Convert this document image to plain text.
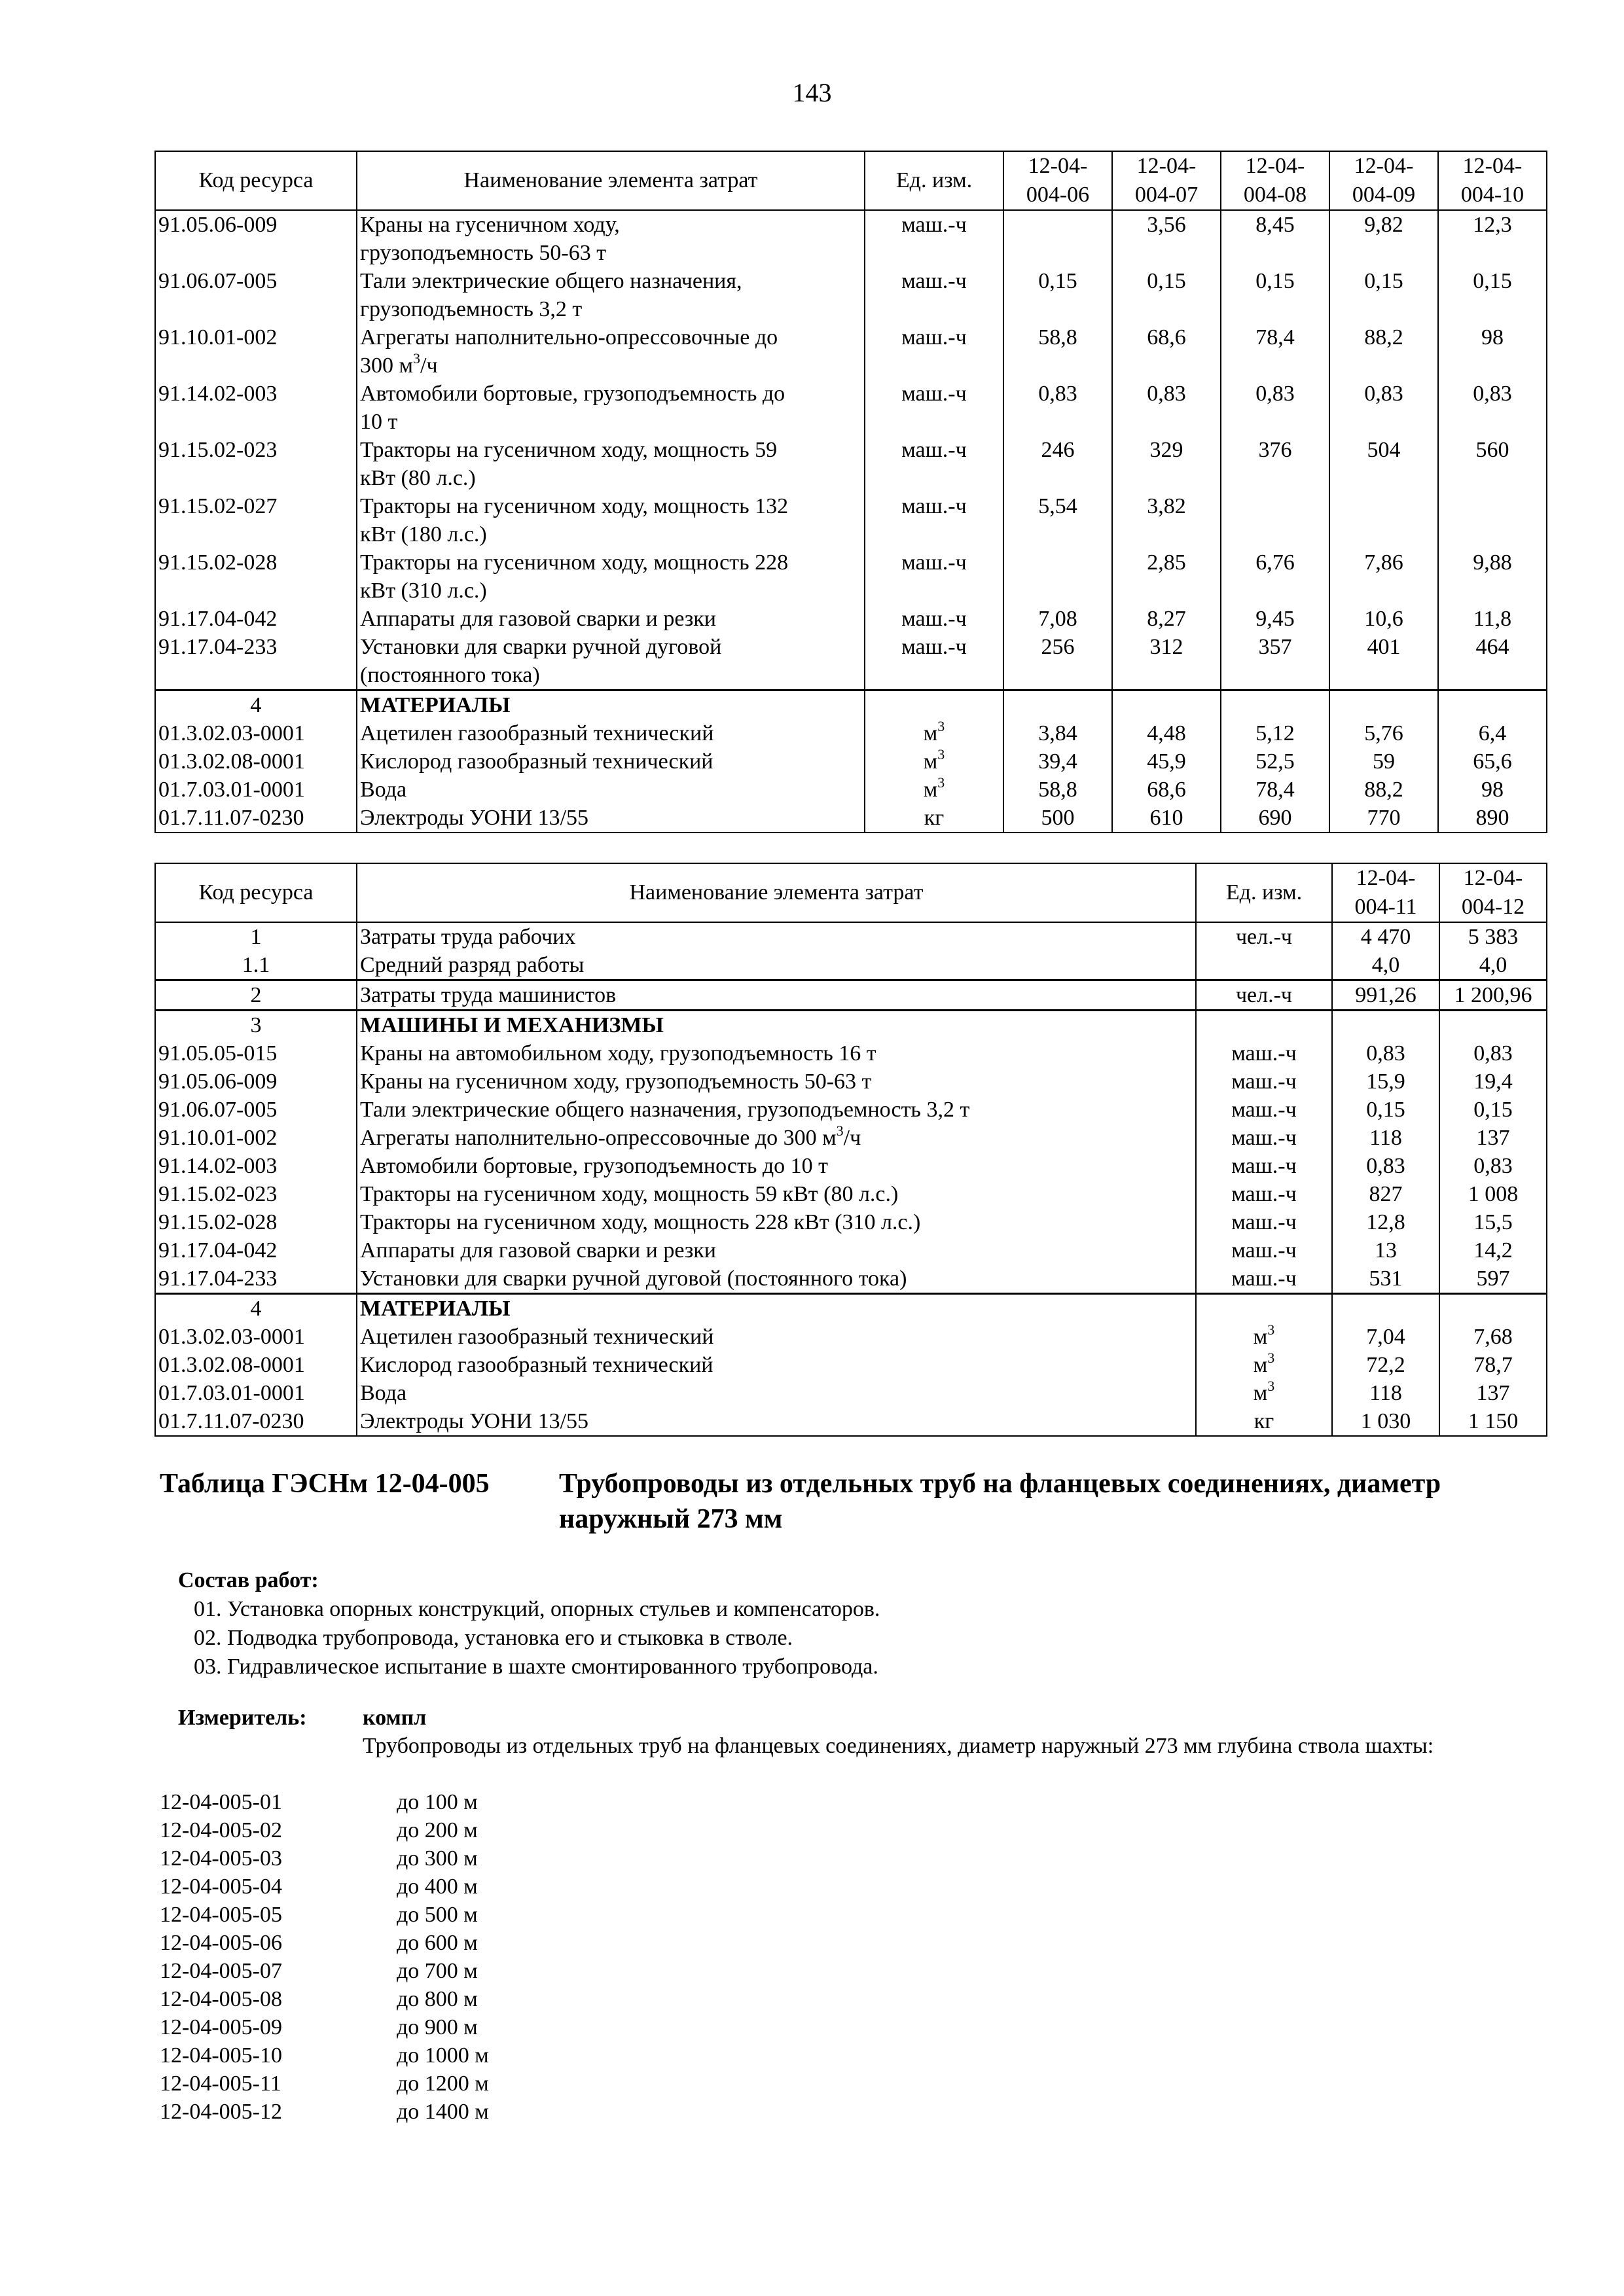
143
Код ресурса	Наименование элемента затрат	Ед. изм.	12-04-
004-06	12-04-
004-07	12-04-
004-08	12-04-
004-09	12-04-
004-10
91.05.06-009	Краны на гусеничном ходу,
грузоподъемность 50-63 т	маш.-ч		3,56	8,45	9,82	12,3
91.06.07-005	Тали электрические общего назначения,
грузоподъемность 3,2 т	маш.-ч	0,15	0,15	0,15	0,15	0,15
91.10.01-002	Агрегаты наполнительно-опрессовочные до
300 $м^3/ч$	маш.-ч	58,8	68,6	78,4	88,2	98
91.14.02-003	Автомобили бортовые, грузоподъемность до
10 т	маш.-ч	0,83	0,83	0,83	0,83	0,83
91.15.02-023	Тракторы на гусеничном ходу, мощность 59
кВт (80 л.с.)	маш.-ч	246	329	376	504	560
91.15.02-027	Тракторы на гусеничном ходу, мощность 132
кВт (180 л.с.)	маш.-ч	5,54	3,82			
91.15.02-028	Тракторы на гусеничном ходу, мощность 228
кВт (310 л.с.)	маш.-ч		2,85	6,76	7,86	9,88
91.17.04-042	Аппараты для газовой сварки и резки	маш.-ч	7,08	8,27	9,45	10,6	11,8
91.17.04-233	Установки для сварки ручной дуговой
(постоянного тока)	маш.-ч	256	312	357	401	464
4	МАТЕРИАЛЫ						
01.3.02.03-0001	Ацетилен газообразный технический	$м^3$	3,84	4,48	5,12	5,76	6,4
01.3.02.08-0001	Кислород газообразный технический	$м^3$	39,4	45,9	52,5	59	65,6
01.7.03.01-0001	Вода	$м^3$	58,8	68,6	78,4	88,2	98
01.7.11.07-0230	Электроды УОНИ 13/55	кг	500	610	690	770	890
Код ресурса	Наименование элемента затрат	Ед. изм.	12-04-
004-11	12-04-
004-12
1	Затраты труда рабочих	чел.-ч	4 470	5 383
1.1	Средний разряд работы		4,0	4,0
2	Затраты труда машинистов	чел.-ч	991,26	1 200,96
3	МАШИНЫ И МЕХАНИЗМЫ			
91.05.05-015	Краны на автомобильном ходу, грузоподъемность 16 т	маш.-ч	0,83	0,83
91.05.06-009	Краны на гусеничном ходу, грузоподъемность 50-63 т	маш.-ч	15,9	19,4
91.06.07-005	Тали электрические общего назначения, грузоподъемность 3,2 т	маш.-ч	0,15	0,15
91.10.01-002	Агрегаты наполнительно-опрессовочные до 300 $м^3/ч$	маш.-ч	118	137
91.14.02-003	Автомобили бортовые, грузоподъемность до 10 т	маш.-ч	0,83	0,83
91.15.02-023	Тракторы на гусеничном ходу, мощность 59 кВт (80 л.с.)	маш.-ч	827	1 008
91.15.02-028	Тракторы на гусеничном ходу, мощность 228 кВт (310 л.с.)	маш.-ч	12,8	15,5
91.17.04-042	Аппараты для газовой сварки и резки	маш.-ч	13	14,2
91.17.04-233	Установки для сварки ручной дуговой (постоянного тока)	маш.-ч	531	597
4	МАТЕРИАЛЫ			
01.3.02.03-0001	Ацетилен газообразный технический	$м^3$	7,04	7,68
01.3.02.08-0001	Кислород газообразный технический	$м^3$	72,2	78,7
01.7.03.01-0001	Вода	$м^3$	118	137
01.7.11.07-0230	Электроды УОНИ 13/55	кг	1 030	1 150
Таблица ГЭСНм 12-04-005	Трубопроводы из отдельных труб на фланцевых соединениях, диаметр наружный 273 мм
Состав работ:
01. Установка опорных конструкций, опорных стульев и компенсаторов.
02. Подводка трубопровода, установка его и стыковка в стволе.
03. Гидравлическое испытание в шахте смонтированного трубопровода.
Измеритель:	компл
Трубопроводы из отдельных труб на фланцевых соединениях, диаметр наружный 273 мм глубина ствола шахты:
12-04-005-01	до 100 м
12-04-005-02	до 200 м
12-04-005-03	до 300 м
12-04-005-04	до 400 м
12-04-005-05	до 500 м
12-04-005-06	до 600 м
12-04-005-07	до 700 м
12-04-005-08	до 800 м
12-04-005-09	до 900 м
12-04-005-10	до 1000 м
12-04-005-11	до 1200 м
12-04-005-12	до 1400 м
